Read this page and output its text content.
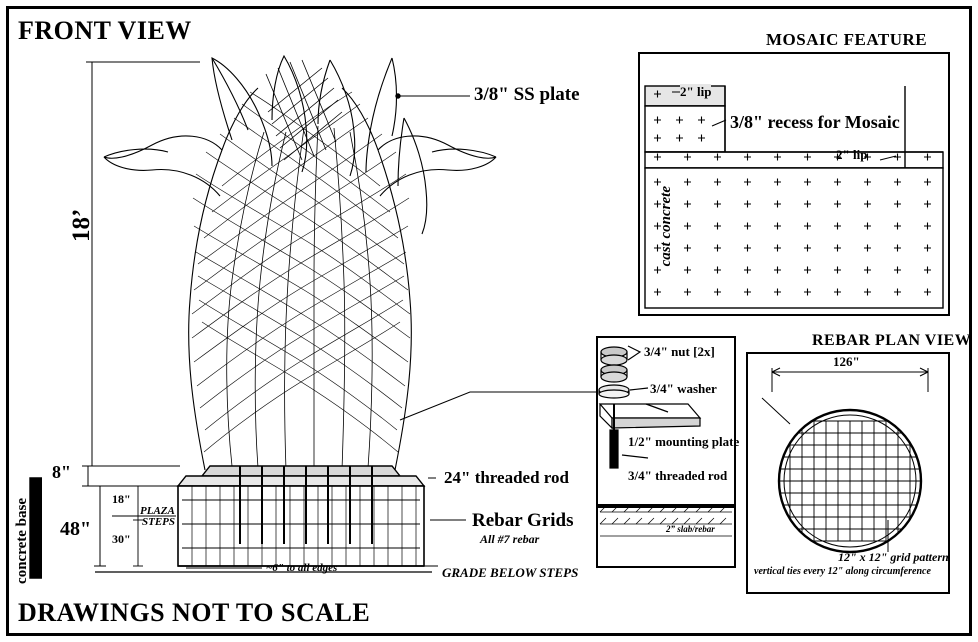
FRONT VIEW
DRAWINGS NOT TO SCALE
18’
3/8" SS plate
8"
48"
18"
30"
PLAZA
STEPS
concrete base	~6" to all edges	GRADE BELOW STEPS
24" threaded rod
Rebar Grids
All #7 rebar
MOSAIC FEATURE
2" lip
3/8" recess for Mosaic
2" lip
cast concrete
3/4" nut [2x]
3/4" washer
1/2" mounting plate
3/4" threaded rod
2” slab/rebar
REBAR PLAN VIEW
126"
12" x 12" grid pattern
vertical ties every 12" along circumference
